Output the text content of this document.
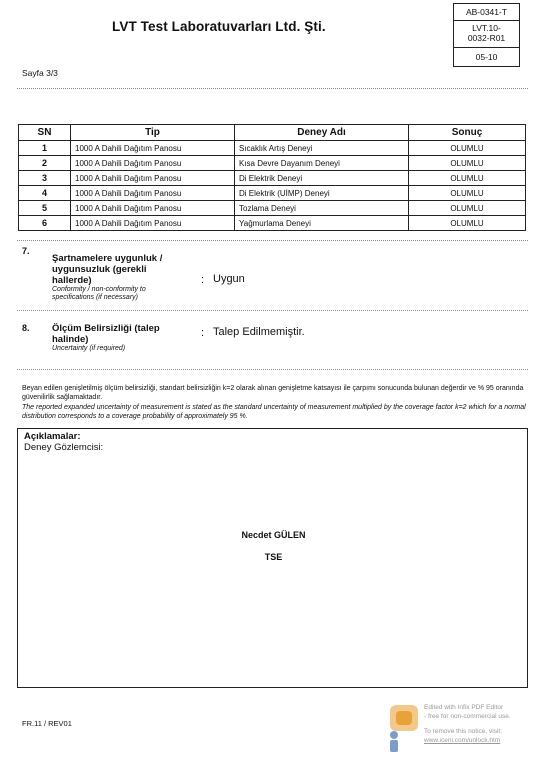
LVT Test Laboratuvarları Ltd. Şti.
AB-0341-T
LVT.10-
0032-R01
05-10
Sayfa 3/3
SN	Tip	Deney Adı	Sonuç
1	1000 A Dahili Dağıtım Panosu	Sıcaklık Artış Deneyi	OLUMLU
2	1000 A Dahili Dağıtım Panosu	Kısa Devre Dayanım Deneyi	OLUMLU
3	1000 A Dahili Dağıtım Panosu	Di Elektrik Deneyi	OLUMLU
4	1000 A Dahili Dağıtım Panosu	Di Elektrik (UİMP) Deneyi	OLUMLU
5	1000 A Dahili Dağıtım Panosu	Tozlama Deneyi	OLUMLU
6	1000 A Dahili Dağıtım Panosu	Yağmurlama Deneyi	OLUMLU
7.
Şartnamelere uygunluk / uygunsuzluk (gerekli hallerde)
Conformity / non-conformity to specifications (if necessary)
: Uygun
8. Ölçüm Belirsizliği (talep halinde)
Uncertainty (if required)
: Talep Edilmemiştir.
Beyan edilen genişletilmiş ölçüm belirsizliği, standart belirsizliğin k=2 olarak alınan genişletme katsayısı ile çarpımı sonucunda bulunan değerdir ve % 95 oranında güvenilirlik sağlamaktadır.
The reported expanded uncertainty of measurement is stated as the standard uncertainty of measurement multiplied by the coverage factor k=2 which for a normal distribution corresponds to a coverage probability of approximately 95 %.
Açıklamalar:
Deney Gözlemcisi:
Necdet GÜLEN
TSE
FR.11 / REV01
Edited with Infix PDF Editor
- free for non-commercial use.
To remove this notice, visit:
www.iceni.com/unlock.htm
